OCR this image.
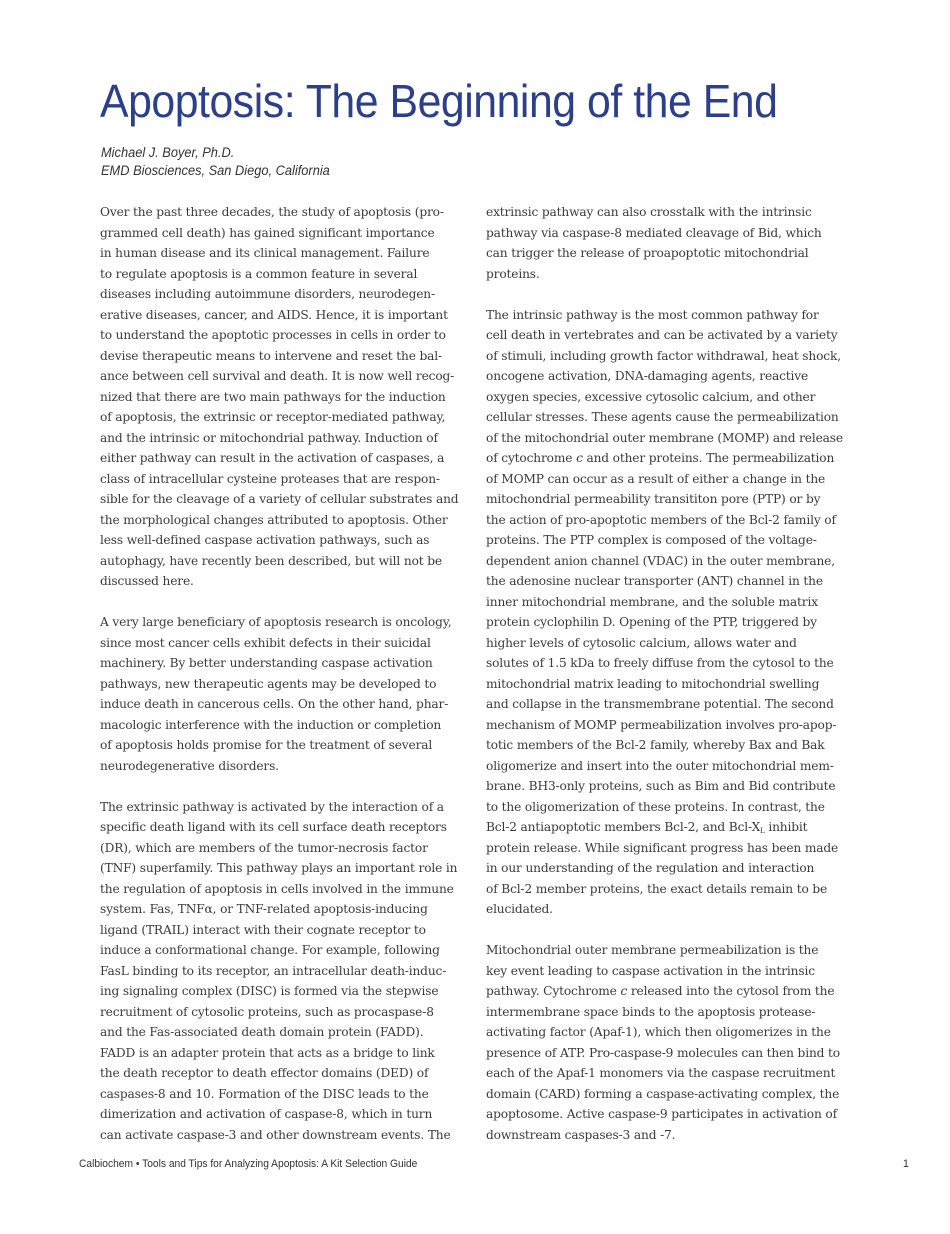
Apoptosis: The Beginning of the End
Michael J. Boyer, Ph.D.
EMD Biosciences, San Diego, California
Over the past three decades, the study of apoptosis (pro-
grammed cell death) has gained significant importance
in human disease and its clinical management. Failure
to regulate apoptosis is a common feature in several
diseases including autoimmune disorders, neurodegen-
erative diseases, cancer, and AIDS. Hence, it is important
to understand the apoptotic processes in cells in order to
devise therapeutic means to intervene and reset the bal-
ance between cell survival and death. It is now well recog-
nized that there are two main pathways for the induction
of apoptosis, the extrinsic or receptor-mediated pathway,
and the intrinsic or mitochondrial pathway. Induction of
either pathway can result in the activation of caspases, a
class of intracellular cysteine proteases that are respon-
sible for the cleavage of a variety of cellular substrates and
the morphological changes attributed to apoptosis. Other
less well-defined caspase activation pathways, such as
autophagy, have recently been described, but will not be
discussed here.
A very large beneficiary of apoptosis research is oncology,
since most cancer cells exhibit defects in their suicidal
machinery. By better understanding caspase activation
pathways, new therapeutic agents may be developed to
induce death in cancerous cells. On the other hand, phar-
macologic interference with the induction or completion
of apoptosis holds promise for the treatment of several
neurodegenerative disorders.
The extrinsic pathway is activated by the interaction of a
specific death ligand with its cell surface death receptors
(DR), which are members of the tumor-necrosis factor
(TNF) superfamily. This pathway plays an important role in
the regulation of apoptosis in cells involved in the immune
system. Fas, TNFα, or TNF-related apoptosis-inducing
ligand (TRAIL) interact with their cognate receptor to
induce a conformational change. For example, following
FasL binding to its receptor, an intracellular death-induc-
ing signaling complex (DISC) is formed via the stepwise
recruitment of cytosolic proteins, such as procaspase-8
and the Fas-associated death domain protein (FADD).
FADD is an adapter protein that acts as a bridge to link
the death receptor to death effector domains (DED) of
caspases-8 and 10. Formation of the DISC leads to the
dimerization and activation of caspase-8, which in turn
can activate caspase-3 and other downstream events. The
extrinsic pathway can also crosstalk with the intrinsic
pathway via caspase-8 mediated cleavage of Bid, which
can trigger the release of proapoptotic mitochondrial
proteins.
The intrinsic pathway is the most common pathway for
cell death in vertebrates and can be activated by a variety
of stimuli, including growth factor withdrawal, heat shock,
oncogene activation, DNA-damaging agents, reactive
oxygen species, excessive cytosolic calcium, and other
cellular stresses. These agents cause the permeabilization
of the mitochondrial outer membrane (MOMP) and release
of cytochrome c and other proteins. The permeabilization
of MOMP can occur as a result of either a change in the
mitochondrial permeability transititon pore (PTP) or by
the action of pro-apoptotic members of the Bcl-2 family of
proteins. The PTP complex is composed of the voltage-
dependent anion channel (VDAC) in the outer membrane,
the adenosine nuclear transporter (ANT) channel in the
inner mitochondrial membrane, and the soluble matrix
protein cyclophilin D. Opening of the PTP, triggered by
higher levels of cytosolic calcium, allows water and
solutes of 1.5 kDa to freely diffuse from the cytosol to the
mitochondrial matrix leading to mitochondrial swelling
and collapse in the transmembrane potential. The second
mechanism of MOMP permeabilization involves pro-apop-
totic members of the Bcl-2 family, whereby Bax and Bak
oligomerize and insert into the outer mitochondrial mem-
brane. BH3-only proteins, such as Bim and Bid contribute
to the oligomerization of these proteins. In contrast, the
Bcl-2 antiapoptotic members Bcl-2, and Bcl-$X_L$ inhibit
protein release. While significant progress has been made
in our understanding of the regulation and interaction
of Bcl-2 member proteins, the exact details remain to be
elucidated.
Mitochondrial outer membrane permeabilization is the
key event leading to caspase activation in the intrinsic
pathway. Cytochrome c released into the cytosol from the
intermembrane space binds to the apoptosis protease-
activating factor (Apaf-1), which then oligomerizes in the
presence of ATP. Pro-caspase-9 molecules can then bind to
each of the Apaf-1 monomers via the caspase recruitment
domain (CARD) forming a caspase-activating complex, the
apoptosome. Active caspase-9 participates in activation of
downstream caspases-3 and -7.
Calbiochem • Tools and Tips for Analyzing Apoptosis: A Kit Selection Guide	1
